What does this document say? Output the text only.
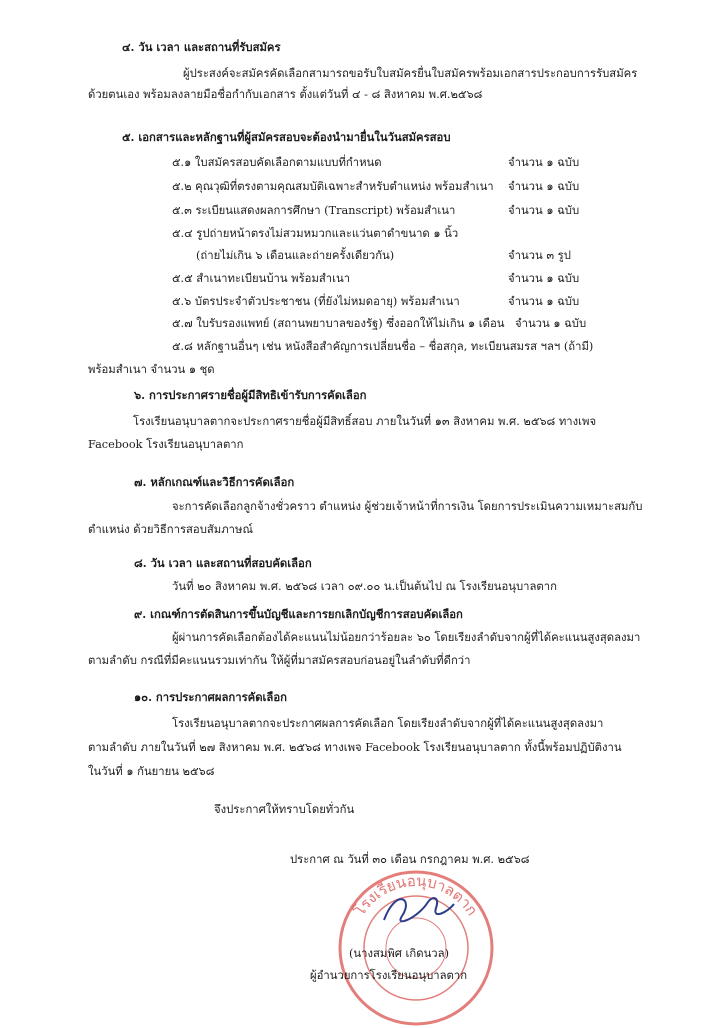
๔. วัน เวลา และสถานที่รับสมัคร
ผู้ประสงค์จะสมัครคัดเลือกสามารถขอรับใบสมัครยื่นใบสมัครพร้อมเอกสารประกอบการรับสมัคร
ด้วยตนเอง พร้อมลงลายมือชื่อกำกับเอกสาร ตั้งแต่วันที่ ๔ - ๘ สิงหาคม พ.ศ.๒๕๖๘
๕. เอกสารและหลักฐานที่ผู้สมัครสอบจะต้องนำมายื่นในวันสมัครสอบ
๕.๑ ใบสมัครสอบคัดเลือกตามแบบที่กำหนด	จำนวน ๑ ฉบับ
๕.๒ คุณวุฒิที่ตรงตามคุณสมบัติเฉพาะสำหรับตำแหน่ง พร้อมสำเนา จำนวน ๑ ฉบับ
๕.๓ ระเบียนแสดงผลการศึกษา (Transcript) พร้อมสำเนา	จำนวน ๑ ฉบับ
๕.๔ รูปถ่ายหน้าตรงไม่สวมหมวกและแว่นตาดำขนาด ๑ นิ้ว
(ถ่ายไม่เกิน ๖ เดือนและถ่ายครั้งเดียวกัน)	จำนวน ๓ รูป
๕.๕ สำเนาทะเบียนบ้าน พร้อมสำเนา	จำนวน ๑ ฉบับ
๕.๖ บัตรประจำตัวประชาชน (ที่ยังไม่หมดอายุ) พร้อมสำเนา	จำนวน ๑ ฉบับ
๕.๗ ใบรับรองแพทย์ (สถานพยาบาลของรัฐ) ซึ่งออกให้ไม่เกิน ๑ เดือน จำนวน ๑ ฉบับ
๕.๘ หลักฐานอื่นๆ เช่น หนังสือสำคัญการเปลี่ยนชื่อ – ชื่อสกุล, ทะเบียนสมรส ฯลฯ (ถ้ามี)
พร้อมสำเนา จำนวน ๑ ชุด
๖. การประกาศรายชื่อผู้มีสิทธิเข้ารับการคัดเลือก
โรงเรียนอนุบาลตากจะประกาศรายชื่อผู้มีสิทธิ์สอบ ภายในวันที่ ๑๓ สิงหาคม พ.ศ. ๒๕๖๘ ทางเพจ
Facebook โรงเรียนอนุบาลตาก
๗. หลักเกณฑ์และวิธีการคัดเลือก
จะการคัดเลือกลูกจ้างชั่วคราว ตำแหน่ง ผู้ช่วยเจ้าหน้าที่การเงิน โดยการประเมินความเหมาะสมกับ
ตำแหน่ง ด้วยวิธีการสอบสัมภาษณ์
๘. วัน เวลา และสถานที่สอบคัดเลือก
วันที่ ๒๐ สิงหาคม พ.ศ. ๒๕๖๘ เวลา ๐๙.๐๐ น.เป็นต้นไป ณ โรงเรียนอนุบาลตาก
๙. เกณฑ์การตัดสินการขึ้นบัญชีและการยกเลิกบัญชีการสอบคัดเลือก
ผู้ผ่านการคัดเลือกต้องได้คะแนนไม่น้อยกว่าร้อยละ ๖๐ โดยเรียงลำดับจากผู้ที่ได้คะแนนสูงสุดลงมา
ตามลำดับ กรณีที่มีคะแนนรวมเท่ากัน ให้ผู้ที่มาสมัครสอบก่อนอยู่ในลำดับที่ดีกว่า
๑๐. การประกาศผลการคัดเลือก
โรงเรียนอนุบาลตากจะประกาศผลการคัดเลือก โดยเรียงลำดับจากผู้ที่ได้คะแนนสูงสุดลงมา
ตามลำดับ ภายในวันที่ ๒๗ สิงหาคม พ.ศ. ๒๕๖๘ ทางเพจ Facebook โรงเรียนอนุบาลตาก ทั้งนี้พร้อมปฏิบัติงาน
ในวันที่ ๑ กันยายน ๒๕๖๘
จึงประกาศให้ทราบโดยทั่วกัน
ประกาศ ณ วันที่ ๓๐ เดือน กรกฎาคม พ.ศ. ๒๕๖๘
โรงเรียนอนุบาลตาก
(นางสมพิศ เกิดนวล)
ผู้อำนวยการโรงเรียนอนุบาลตาก
